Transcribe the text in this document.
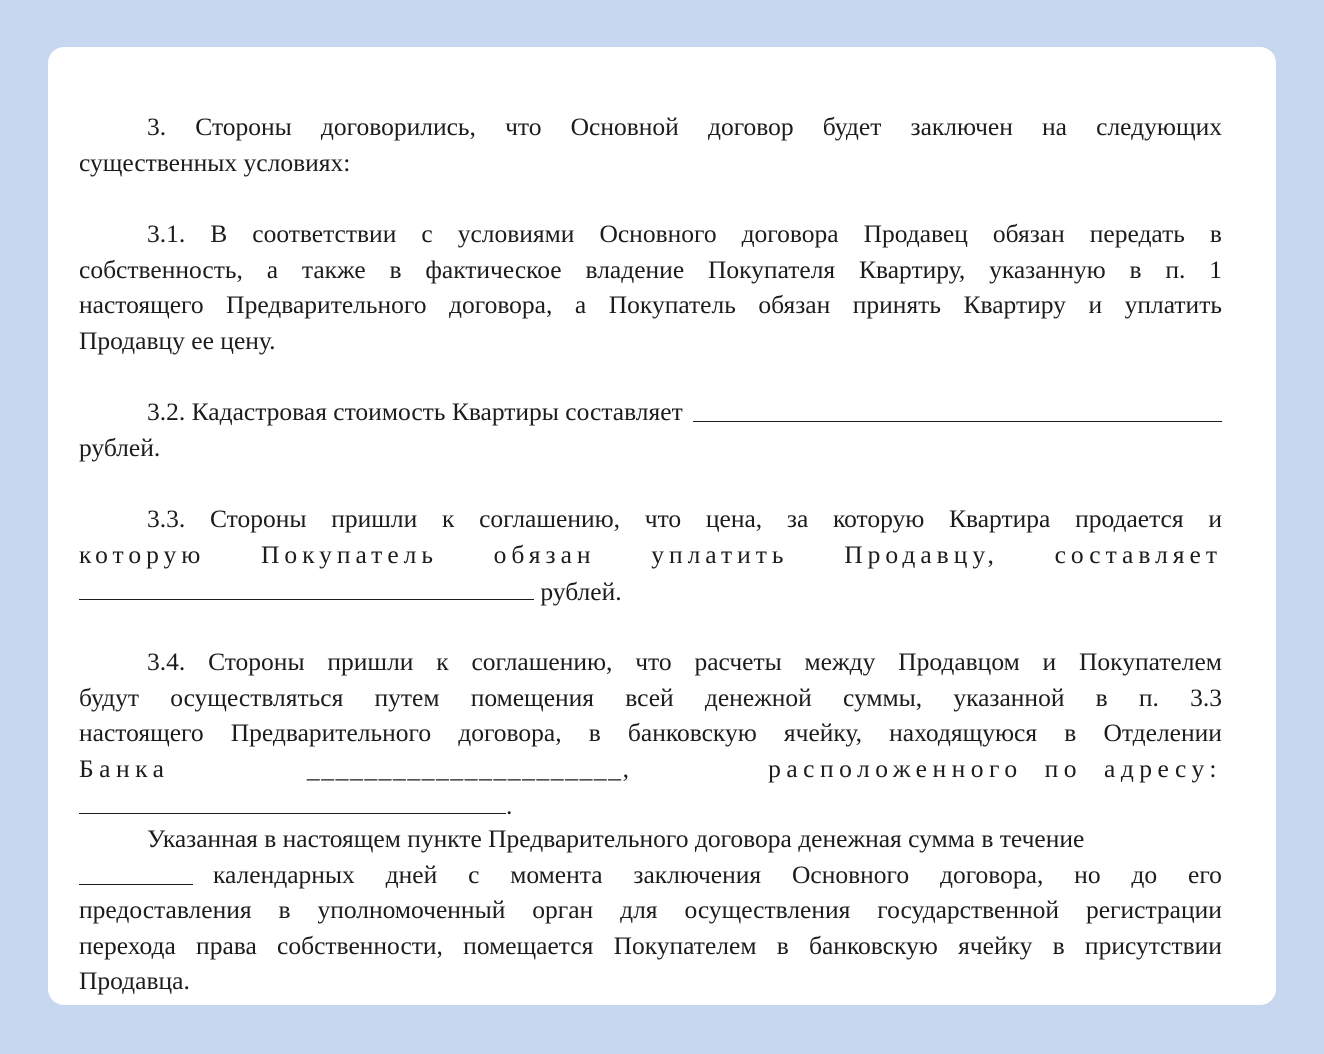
3. Стороны договорились, что Основной договор будет заключен на следующих
существенных условиях:
3.1. В соответствии с условиями Основного договора Продавец обязан передать в
собственность, а также в фактическое владение Покупателя Квартиру, указанную в п. 1
настоящего Предварительного договора, а Покупатель обязан принять Квартиру и уплатить
Продавцу ее цену.
3.2. Кадастровая стоимость Квартиры составляет
рублей.
3.3. Стороны пришли к соглашению, что цена, за которую Квартира продается и
которую Покупатель обязан уплатить Продавцу, составляет
рублей.
3.4. Стороны пришли к соглашению, что расчеты между Продавцом и Покупателем
будут осуществляться путем помещения всей денежной суммы, указанной в п. 3.3
настоящего Предварительного договора, в банковскую ячейку, находящуюся в Отделении
Банка	______________________,	расположенного по адресу:
.
Указанная в настоящем пункте Предварительного договора денежная сумма в течение
календарных дней с момента заключения Основного договора, но до его
предоставления в уполномоченный орган для осуществления государственной регистрации
перехода права собственности, помещается Покупателем в банковскую ячейку в присутствии
Продавца.
